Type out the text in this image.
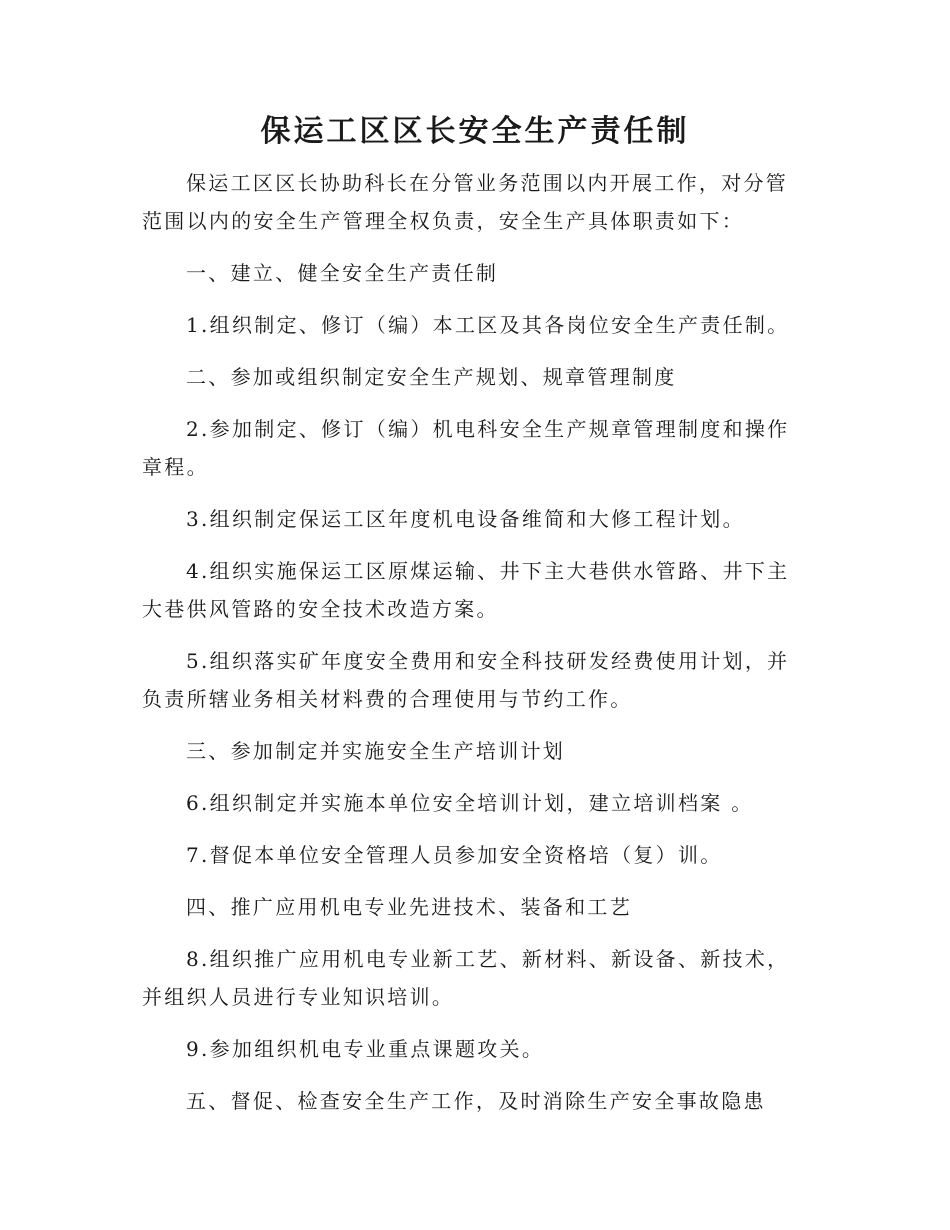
保运工区区长安全生产责任制

保运工区区长协助科长在分管业务范围以内开展工作，对分管范围以内的安全生产管理全权负责，安全生产具体职责如下：

一、建立、健全安全生产责任制

1.组织制定、修订（编）本工区及其各岗位安全生产责任制。

二、参加或组织制定安全生产规划、规章管理制度

2.参加制定、修订（编）机电科安全生产规章管理制度和操作章程。

3.组织制定保运工区年度机电设备维简和大修工程计划。

4.组织实施保运工区原煤运输、井下主大巷供水管路、井下主大巷供风管路的安全技术改造方案。

5.组织落实矿年度安全费用和安全科技研发经费使用计划，并负责所辖业务相关材料费的合理使用与节约工作。

三、参加制定并实施安全生产培训计划

6.组织制定并实施本单位安全培训计划，建立培训档案 。

7.督促本单位安全管理人员参加安全资格培（复）训。

四、推广应用机电专业先进技术、装备和工艺

8.组织推广应用机电专业新工艺、新材料、新设备、新技术，并组织人员进行专业知识培训。

9.参加组织机电专业重点课题攻关。

五、督促、检查安全生产工作，及时消除生产安全事故隐患
